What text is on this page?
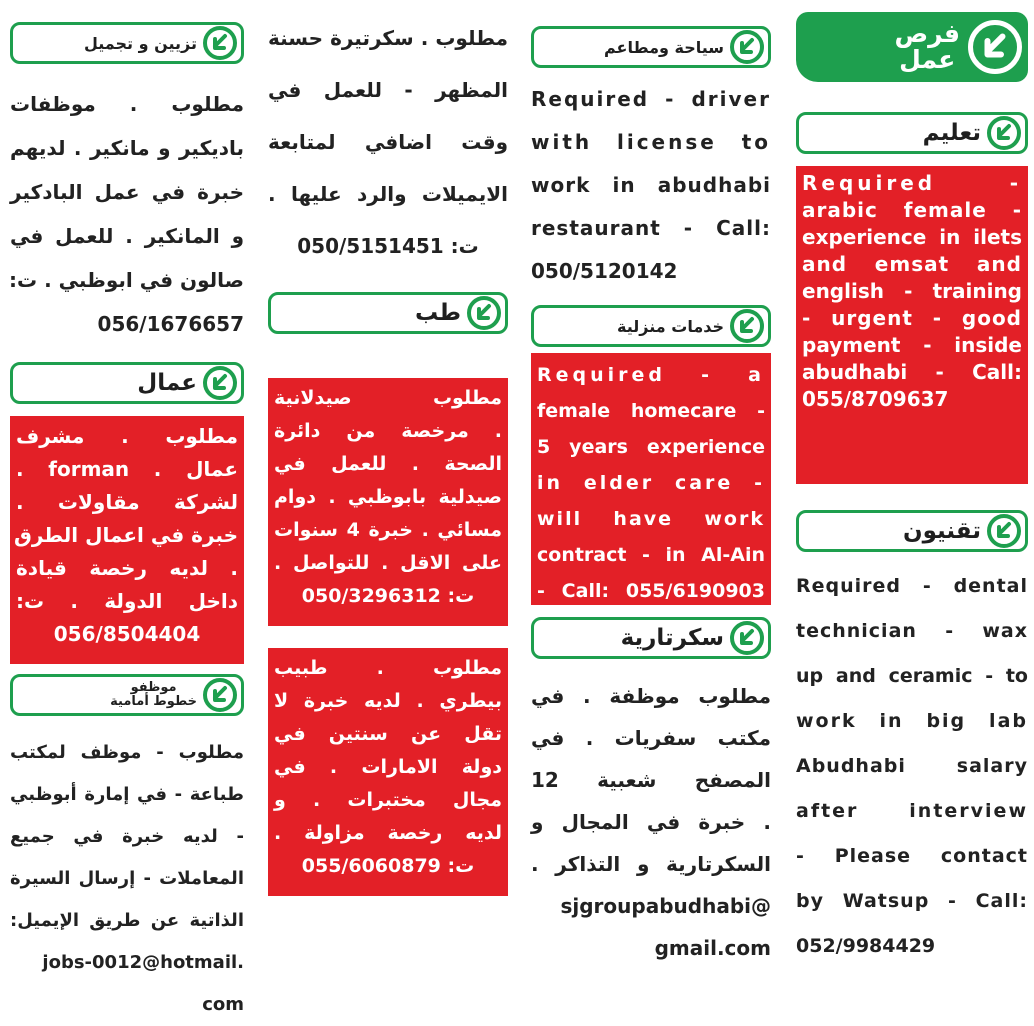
فرص
عمل
تعليم
Required -
arabic female -
experience in ilets
and emsat and
english - training
- urgent - good
payment - inside
abudhabi - Call:
055/8709637
تقنيون
Required - dental
technician - wax
up and ceramic - to
work in big lab
Abudhabi salary
after interview
- Please contact
by Watsup - Call:
052/9984429
سياحة ومطاعم
Required - driver
with license to
work in abudhabi
restaurant - Call:
050/5120142
خدمات منزلية
Required - a
female homecare -
5 years experience
in elder care -
will have work
contract - in Al-Ain
- Call: 055/6190903
سكرتارية
مطلوب موظفة . في
مكتب سفريات . في
المصفح شعبية 12
. خبرة في المجال و
السكرتارية و التذاكر .
sjgroupabudhabi@
gmail.com
مطلوب . سكرتيرة حسنة
المظهر - للعمل في
وقت اضافي لمتابعة
الايميلات والرد عليها .
ت: 050/5151451
طب
مطلوب صيدلانية
. مرخصة من دائرة
الصحة . للعمل في
صيدلية بابوظبي . دوام
مسائي . خبرة 4 سنوات
على الاقل . للتواصل .
ت: 050/3296312
مطلوب . طبيب
بيطري . لديه خبرة لا
تقل عن سنتين في
دولة الامارات . في
مجال مختبرات . و
لديه رخصة مزاولة .
ت: 055/6060879
تزيين و تجميل
مطلوب . موظفات
باديكير و مانكير . لديهم
خبرة في عمل البادكير
و المانكير . للعمل في
صالون في ابوظبي . ت:
056/1676657
عمال
مطلوب . مشرف
عمال . forman .
لشركة مقاولات .
خبرة في اعمال الطرق
. لديه رخصة قيادة
داخل الدولة . ت:
056/8504404
موظفو
خطوط أمامية
مطلوب - موظف لمكتب
طباعة - في إمارة أبوظبي
- لديه خبرة في جميع
المعاملات - إرسال السيرة
الذاتية عن طريق الإيميل:
jobs-0012@hotmail.
com
